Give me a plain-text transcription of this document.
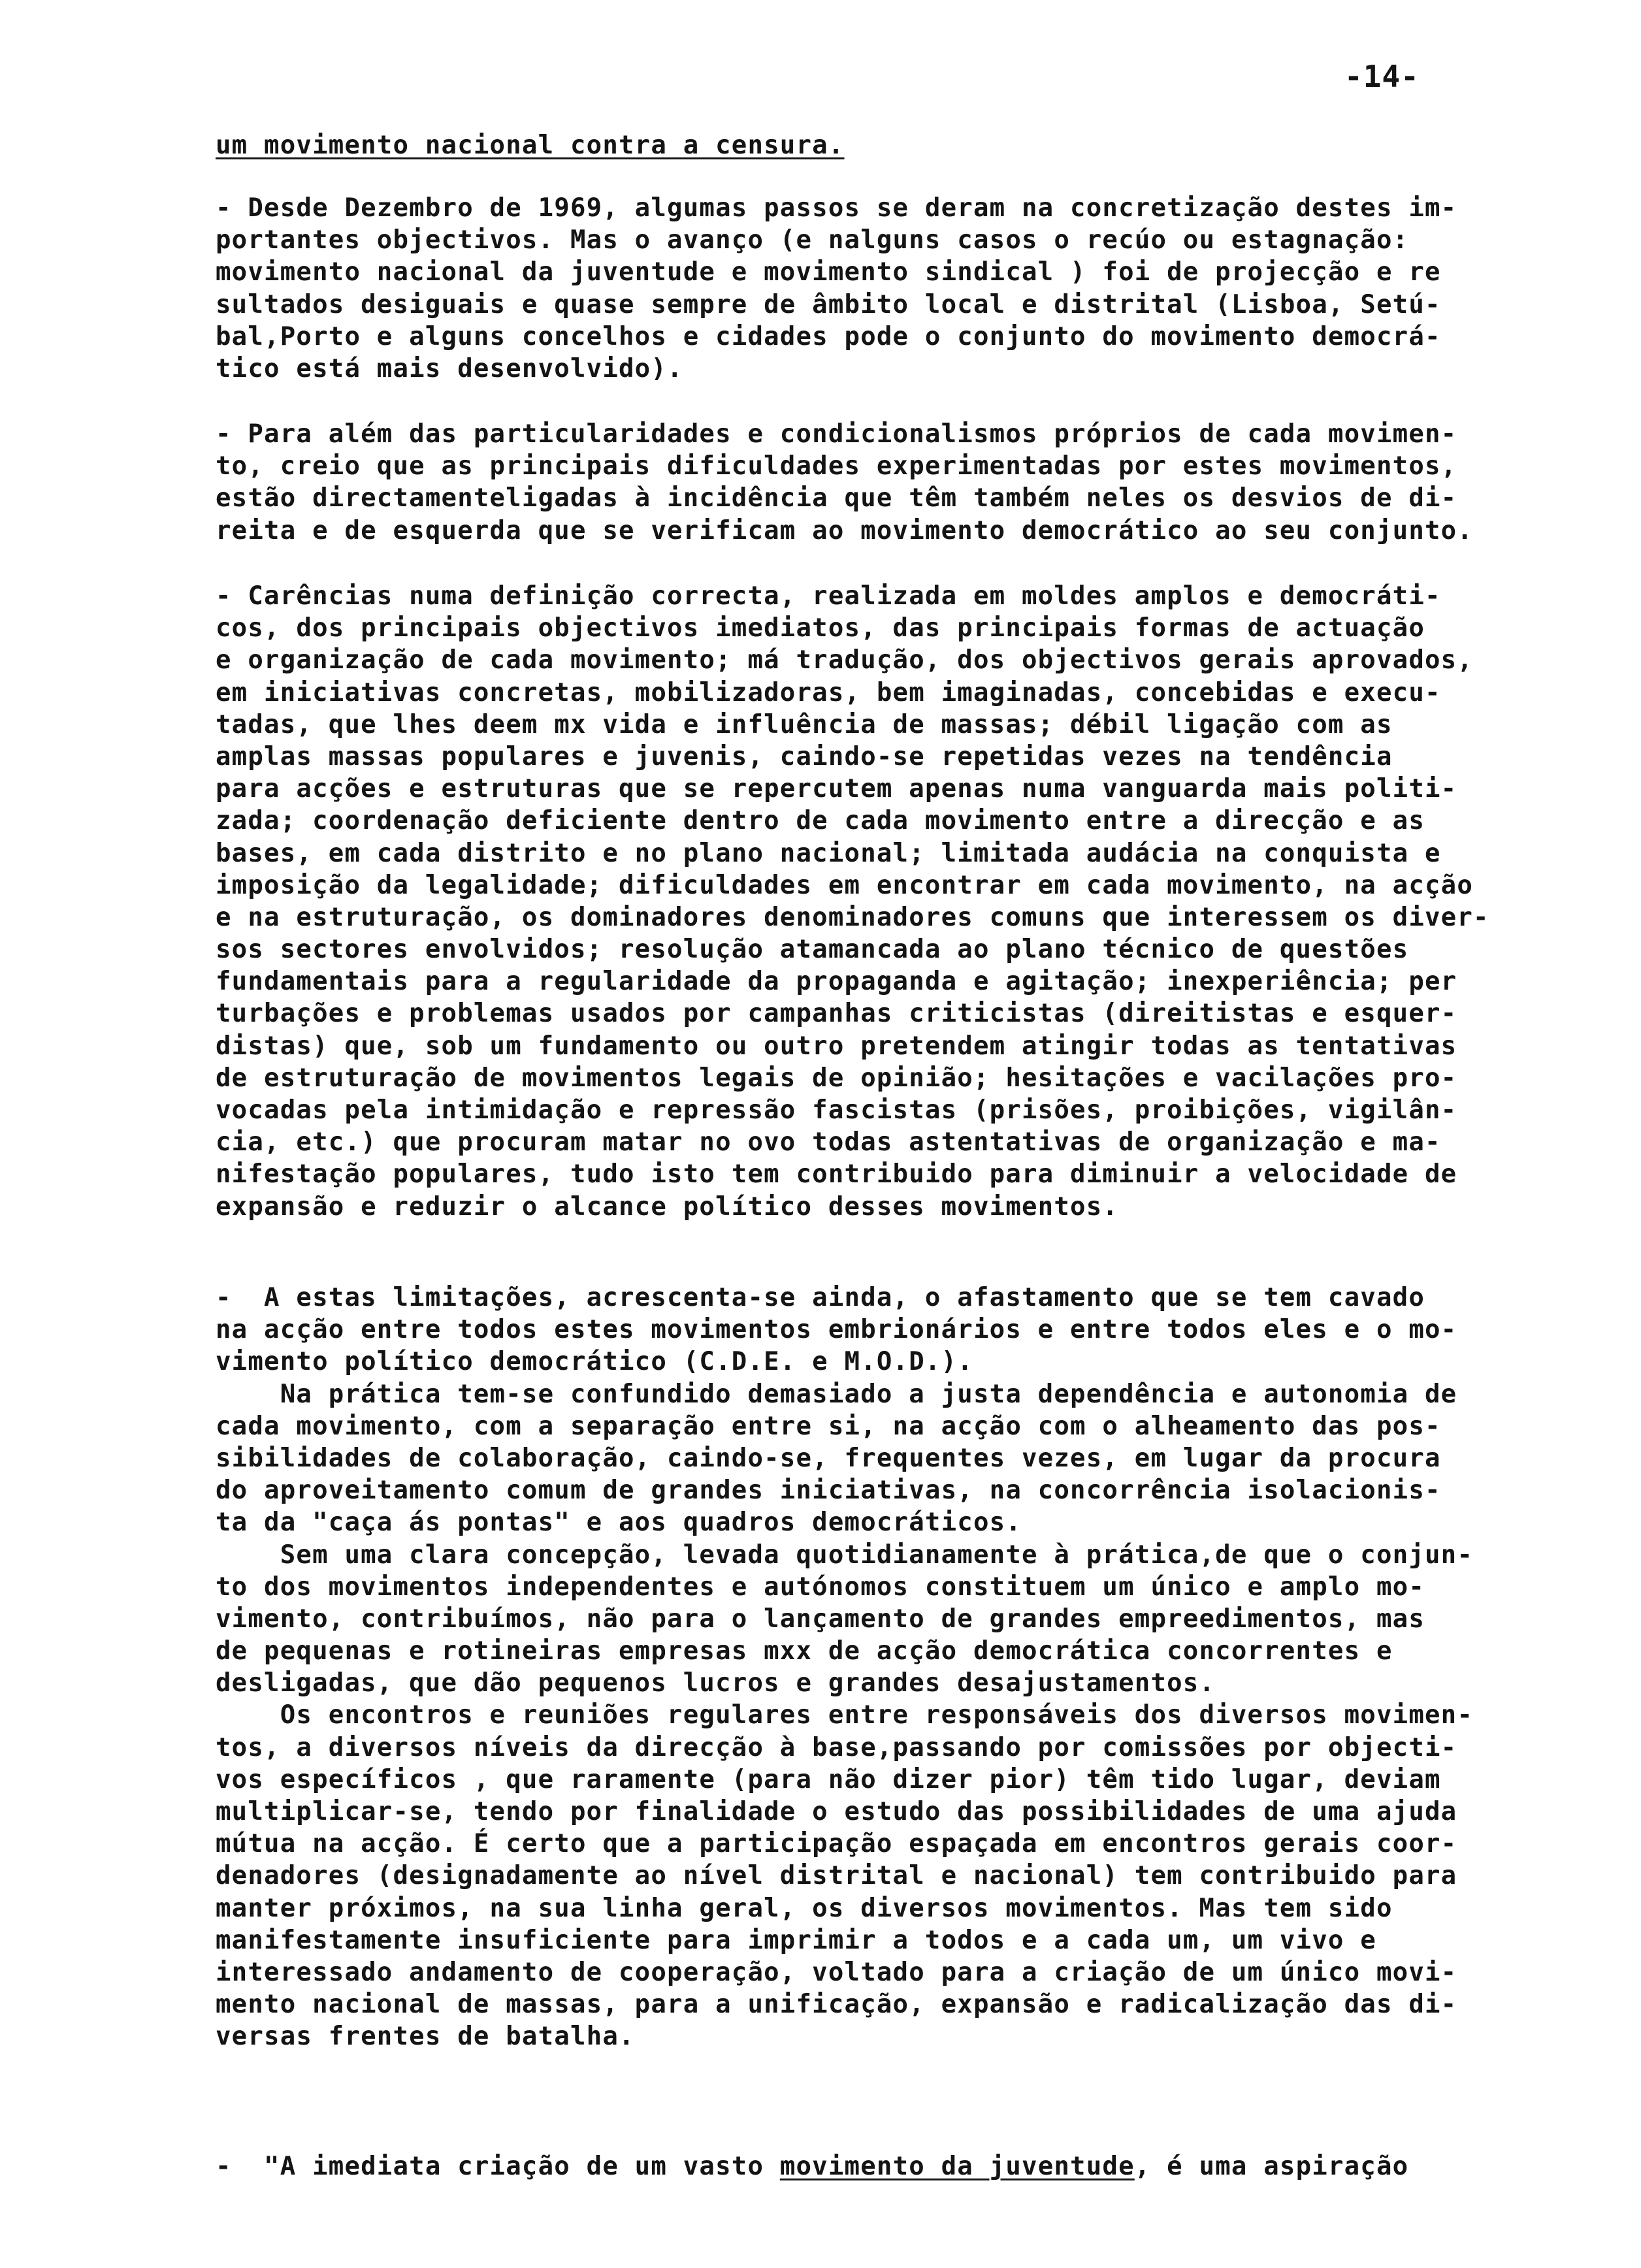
-14-
um movimento nacional contra a censura.
- Desde Dezembro de 1969, algumas passos se deram na concretização destes im-
portantes objectivos. Mas o avanço (e nalguns casos o recúo ou estagnação:
movimento nacional da juventude e movimento sindical ) foi de projecção e re
sultados desiguais e quase sempre de âmbito local e distrital (Lisboa, Setú-
bal,Porto e alguns concelhos e cidades pode o conjunto do movimento democrá-
tico está mais desenvolvido).
- Para além das particularidades e condicionalismos próprios de cada movimen-
to, creio que as principais dificuldades experimentadas por estes movimentos,
estão directamenteligadas à incidência que têm também neles os desvios de di-
reita e de esquerda que se verificam ao movimento democrático ao seu conjunto.
- Carências numa definição correcta, realizada em moldes amplos e democráti-
cos, dos principais objectivos imediatos, das principais formas de actuação
e organização de cada movimento; má tradução, dos objectivos gerais aprovados,
em iniciativas concretas, mobilizadoras, bem imaginadas, concebidas e execu-
tadas, que lhes deem mx vida e influência de massas; débil ligação com as
amplas massas populares e juvenis, caindo-se repetidas vezes na tendência
para acções e estruturas que se repercutem apenas numa vanguarda mais politi-
zada; coordenação deficiente dentro de cada movimento entre a direcção e as
bases, em cada distrito e no plano nacional; limitada audácia na conquista e
imposição da legalidade; dificuldades em encontrar em cada movimento, na acção
e na estruturação, os dominadores denominadores comuns que interessem os diver-
sos sectores envolvidos; resolução atamancada ao plano técnico de questões
fundamentais para a regularidade da propaganda e agitação; inexperiência; per
turbações e problemas usados por campanhas criticistas (direitistas e esquer-
distas) que, sob um fundamento ou outro pretendem atingir todas as tentativas
de estruturação de movimentos legais de opinião; hesitações e vacilações pro-
vocadas pela intimidação e repressão fascistas (prisões, proibições, vigilân-
cia, etc.) que procuram matar no ovo todas astentativas de organização e ma-
nifestação populares, tudo isto tem contribuido para diminuir a velocidade de
expansão e reduzir o alcance político desses movimentos.
-  A estas limitações, acrescenta-se ainda, o afastamento que se tem cavado
na acção entre todos estes movimentos embrionários e entre todos eles e o mo-
vimento político democrático (C.D.E. e M.O.D.).
Na prática tem-se confundido demasiado a justa dependência e autonomia de
cada movimento, com a separação entre si, na acção com o alheamento das pos-
sibilidades de colaboração, caindo-se, frequentes vezes, em lugar da procura
do aproveitamento comum de grandes iniciativas, na concorrência isolacionis-
ta da "caça ás pontas" e aos quadros democráticos.
Sem uma clara concepção, levada quotidianamente à prática,de que o conjun-
to dos movimentos independentes e autónomos constituem um único e amplo mo-
vimento, contribuímos, não para o lançamento de grandes empreedimentos, mas
de pequenas e rotineiras empresas mxx de acção democrática concorrentes e
desligadas, que dão pequenos lucros e grandes desajustamentos.
Os encontros e reuniões regulares entre responsáveis dos diversos movimen-
tos, a diversos níveis da direcção à base,passando por comissões por objecti-
vos específicos , que raramente (para não dizer pior) têm tido lugar, deviam
multiplicar-se, tendo por finalidade o estudo das possibilidades de uma ajuda
mútua na acção. É certo que a participação espaçada em encontros gerais coor-
denadores (designadamente ao nível distrital e nacional) tem contribuido para
manter próximos, na sua linha geral, os diversos movimentos. Mas tem sido
manifestamente insuficiente para imprimir a todos e a cada um, um vivo e
interessado andamento de cooperação, voltado para a criação de um único movi-
mento nacional de massas, para a unificação, expansão e radicalização das di-
versas frentes de batalha.
-  "A imediata criação de um vasto movimento da juventude, é uma aspiração
